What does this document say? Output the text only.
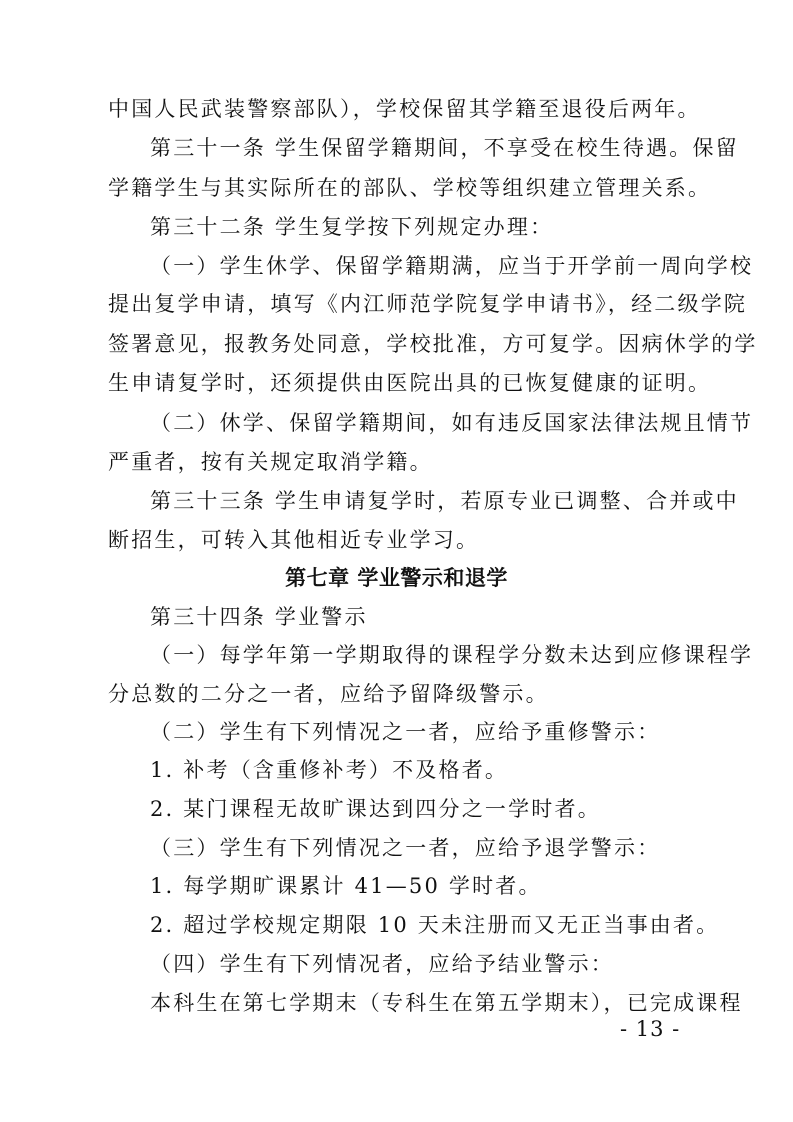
中国人民武装警察部队），学校保留其学籍至退役后两年。
第三十一条 学生保留学籍期间，不享受在校生待遇。保留
学籍学生与其实际所在的部队、学校等组织建立管理关系。
第三十二条 学生复学按下列规定办理：
（一）学生休学、保留学籍期满，应当于开学前一周向学校
提出复学申请，填写《内江师范学院复学申请书》，经二级学院
签署意见，报教务处同意，学校批准，方可复学。因病休学的学
生申请复学时，还须提供由医院出具的已恢复健康的证明。
（二）休学、保留学籍期间，如有违反国家法律法规且情节
严重者，按有关规定取消学籍。
第三十三条 学生申请复学时，若原专业已调整、合并或中
断招生，可转入其他相近专业学习。
第七章 学业警示和退学
第三十四条 学业警示
（一）每学年第一学期取得的课程学分数未达到应修课程学
分总数的二分之一者，应给予留降级警示。
（二）学生有下列情况之一者，应给予重修警示：
1. 补考（含重修补考）不及格者。
2. 某门课程无故旷课达到四分之一学时者。
（三）学生有下列情况之一者，应给予退学警示：
1. 每学期旷课累计 41—50 学时者。
2. 超过学校规定期限 10 天未注册而又无正当事由者。
（四）学生有下列情况者，应给予结业警示：
本科生在第七学期末（专科生在第五学期末），已完成课程
- 13 -
